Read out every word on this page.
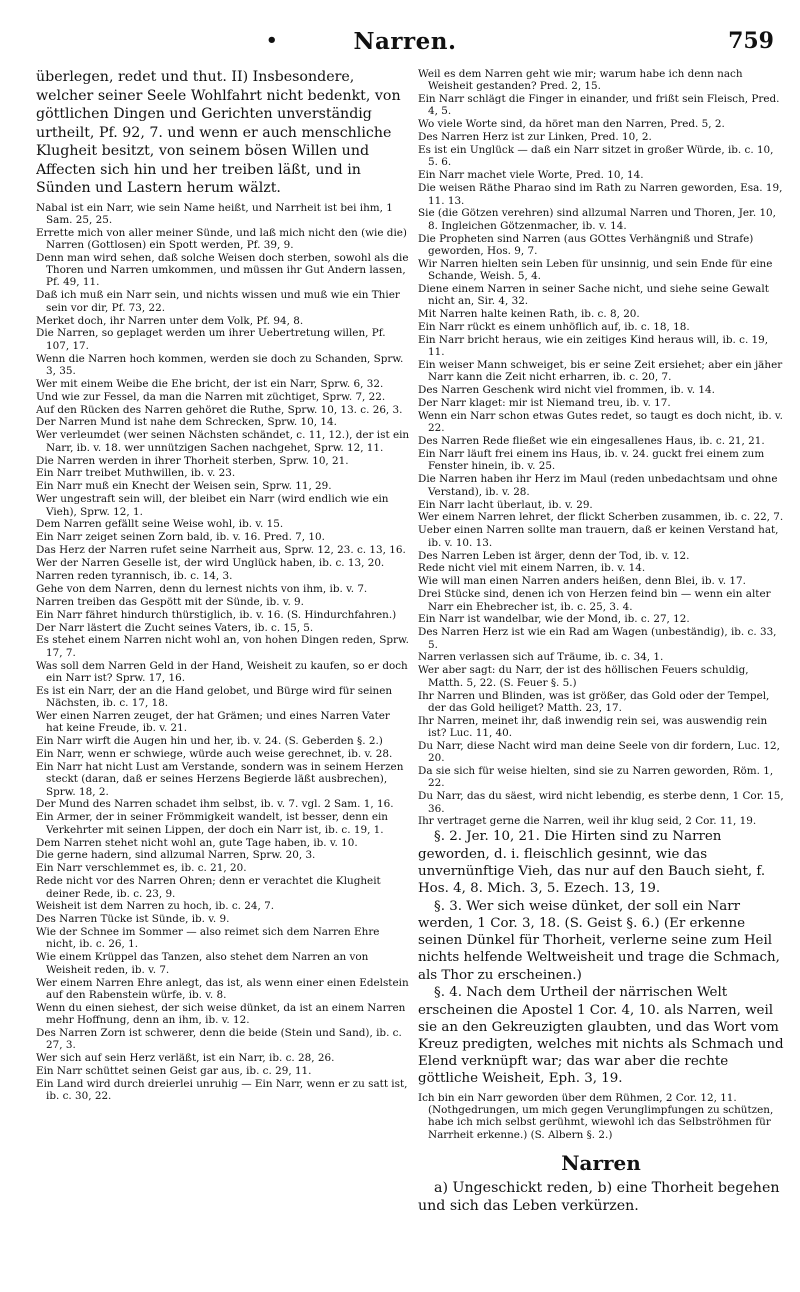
•	Narren.	759

überlegen, redet und thut. II) Insbesondere, welcher seiner Seele Wohlfahrt nicht bedenkt, von göttlichen Dingen und Gerichten unverständig urtheilt, Pf. 92, 7. und wenn er auch menschliche Klugheit besitzt, von seinem bösen Willen und Affecten sich hin und her treiben läßt, und in Sünden und Lastern herum wälzt.

Nabal ist ein Narr, wie sein Name heißt, und Narrheit ist bei ihm, 1 Sam. 25, 25.

Errette mich von aller meiner Sünde, und laß mich nicht den (wie die) Narren (Gottlosen) ein Spott werden, Pf. 39, 9.

Denn man wird sehen, daß solche Weisen doch sterben, sowohl als die Thoren und Narren umkommen, und müssen ihr Gut Andern lassen, Pf. 49, 11.

Daß ich muß ein Narr sein, und nichts wissen und muß wie ein Thier sein vor dir, Pf. 73, 22.

Merket doch, ihr Narren unter dem Volk, Pf. 94, 8.

Die Narren, so geplaget werden um ihrer Uebertretung willen, Pf. 107, 17.

Wenn die Narren hoch kommen, werden sie doch zu Schanden, Sprw. 3, 35.

Wer mit einem Weibe die Ehe bricht, der ist ein Narr, Sprw. 6, 32.

Und wie zur Fessel, da man die Narren mit züchtiget, Sprw. 7, 22.

Auf den Rücken des Narren gehöret die Ruthe, Sprw. 10, 13. c. 26, 3.

Der Narren Mund ist nahe dem Schrecken, Sprw. 10, 14.

Wer verleumdet (wer seinen Nächsten schändet, c. 11, 12.), der ist ein Narr, ib. v. 18. wer unnützigen Sachen nachgehet, Sprw. 12, 11.

Die Narren werden in ihrer Thorheit sterben, Sprw. 10, 21.

Ein Narr treibet Muthwillen, ib. v. 23.

Ein Narr muß ein Knecht der Weisen sein, Sprw. 11, 29.

Wer ungestraft sein will, der bleibet ein Narr (wird endlich wie ein Vieh), Sprw. 12, 1.

Dem Narren gefällt seine Weise wohl, ib. v. 15.

Ein Narr zeiget seinen Zorn bald, ib. v. 16. Pred. 7, 10.

Das Herz der Narren rufet seine Narrheit aus, Sprw. 12, 23. c. 13, 16.

Wer der Narren Geselle ist, der wird Unglück haben, ib. c. 13, 20.

Narren reden tyrannisch, ib. c. 14, 3.

Gehe von dem Narren, denn du lernest nichts von ihm, ib. v. 7.

Narren treiben das Gespött mit der Sünde, ib. v. 9.

Ein Narr fähret hindurch thürstiglich, ib. v. 16. (S. Hindurchfahren.)

Der Narr lästert die Zucht seines Vaters, ib. c. 15, 5.

Es stehet einem Narren nicht wohl an, von hohen Dingen reden, Sprw. 17, 7.

Was soll dem Narren Geld in der Hand, Weisheit zu kaufen, so er doch ein Narr ist? Sprw. 17, 16.

Es ist ein Narr, der an die Hand gelobet, und Bürge wird für seinen Nächsten, ib. c. 17, 18.

Wer einen Narren zeuget, der hat Grämen; und eines Narren Vater hat keine Freude, ib. v. 21.

Ein Narr wirft die Augen hin und her, ib. v. 24. (S. Geberden §. 2.)

Ein Narr, wenn er schwiege, würde auch weise gerechnet, ib. v. 28.

Ein Narr hat nicht Lust am Verstande, sondern was in seinem Herzen steckt (daran, daß er seines Herzens Begierde läßt ausbrechen), Sprw. 18, 2.

Der Mund des Narren schadet ihm selbst, ib. v. 7. vgl. 2 Sam. 1, 16.

Ein Armer, der in seiner Frömmigkeit wandelt, ist besser, denn ein Verkehrter mit seinen Lippen, der doch ein Narr ist, ib. c. 19, 1.

Dem Narren stehet nicht wohl an, gute Tage haben, ib. v. 10.

Die gerne hadern, sind allzumal Narren, Sprw. 20, 3.

Ein Narr verschlemmet es, ib. c. 21, 20.

Rede nicht vor des Narren Ohren; denn er verachtet die Klugheit deiner Rede, ib. c. 23, 9.

Weisheit ist dem Narren zu hoch, ib. c. 24, 7.

Des Narren Tücke ist Sünde, ib. v. 9.

Wie der Schnee im Sommer — also reimet sich dem Narren Ehre nicht, ib. c. 26, 1.

Wie einem Krüppel das Tanzen, also stehet dem Narren an von Weisheit reden, ib. v. 7.

Wer einem Narren Ehre anlegt, das ist, als wenn einer einen Edelstein auf den Rabenstein würfe, ib. v. 8.

Wenn du einen siehest, der sich weise dünket, da ist an einem Narren mehr Hoffnung, denn an ihm, ib. v. 12.

Des Narren Zorn ist schwerer, denn die beide (Stein und Sand), ib. c. 27, 3.

Wer sich auf sein Herz verläßt, ist ein Narr, ib. c. 28, 26.

Ein Narr schüttet seinen Geist gar aus, ib. c. 29, 11.

Ein Land wird durch dreierlei unruhig — Ein Narr, wenn er zu satt ist, ib. c. 30, 22.

Weil es dem Narren geht wie mir; warum habe ich denn nach Weisheit gestanden? Pred. 2, 15.

Ein Narr schlägt die Finger in einander, und frißt sein Fleisch, Pred. 4, 5.

Wo viele Worte sind, da höret man den Narren, Pred. 5, 2.

Des Narren Herz ist zur Linken, Pred. 10, 2.

Es ist ein Unglück — daß ein Narr sitzet in großer Würde, ib. c. 10, 5. 6.

Ein Narr machet viele Worte, Pred. 10, 14.

Die weisen Räthe Pharao sind im Rath zu Narren geworden, Esa. 19, 11. 13.

Sie (die Götzen verehren) sind allzumal Narren und Thoren, Jer. 10, 8. Ingleichen Götzenmacher, ib. v. 14.

Die Propheten sind Narren (aus GOttes Verhängniß und Strafe) geworden, Hos. 9, 7.

Wir Narren hielten sein Leben für unsinnig, und sein Ende für eine Schande, Weish. 5, 4.

Diene einem Narren in seiner Sache nicht, und siehe seine Gewalt nicht an, Sir. 4, 32.

Mit Narren halte keinen Rath, ib. c. 8, 20.

Ein Narr rückt es einem unhöflich auf, ib. c. 18, 18.

Ein Narr bricht heraus, wie ein zeitiges Kind heraus will, ib. c. 19, 11.

Ein weiser Mann schweiget, bis er seine Zeit ersiehet; aber ein jäher Narr kann die Zeit nicht erharren, ib. c. 20, 7.

Des Narren Geschenk wird nicht viel frommen, ib. v. 14.

Der Narr klaget: mir ist Niemand treu, ib. v. 17.

Wenn ein Narr schon etwas Gutes redet, so taugt es doch nicht, ib. v. 22.

Des Narren Rede fließet wie ein eingesallenes Haus, ib. c. 21, 21.

Ein Narr läuft frei einem ins Haus, ib. v. 24. guckt frei einem zum Fenster hinein, ib. v. 25.

Die Narren haben ihr Herz im Maul (reden unbedachtsam und ohne Verstand), ib. v. 28.

Ein Narr lacht überlaut, ib. v. 29.

Wer einem Narren lehret, der flickt Scherben zusammen, ib. c. 22, 7.

Ueber einen Narren sollte man trauern, daß er keinen Verstand hat, ib. v. 10. 13.

Des Narren Leben ist ärger, denn der Tod, ib. v. 12.

Rede nicht viel mit einem Narren, ib. v. 14.

Wie will man einen Narren anders heißen, denn Blei, ib. v. 17.

Drei Stücke sind, denen ich von Herzen feind bin — wenn ein alter Narr ein Ehebrecher ist, ib. c. 25, 3. 4.

Ein Narr ist wandelbar, wie der Mond, ib. c. 27, 12.

Des Narren Herz ist wie ein Rad am Wagen (unbeständig), ib. c. 33, 5.

Narren verlassen sich auf Träume, ib. c. 34, 1.

Wer aber sagt: du Narr, der ist des höllischen Feuers schuldig, Matth. 5, 22. (S. Feuer §. 5.)

Ihr Narren und Blinden, was ist größer, das Gold oder der Tempel, der das Gold heiliget? Matth. 23, 17.

Ihr Narren, meinet ihr, daß inwendig rein sei, was auswendig rein ist? Luc. 11, 40.

Du Narr, diese Nacht wird man deine Seele von dir fordern, Luc. 12, 20.

Da sie sich für weise hielten, sind sie zu Narren geworden, Röm. 1, 22.

Du Narr, das du säest, wird nicht lebendig, es sterbe denn, 1 Cor. 15, 36.

Ihr vertraget gerne die Narren, weil ihr klug seid, 2 Cor. 11, 19.

§. 2. Jer. 10, 21. Die Hirten sind zu Narren geworden, d. i. fleischlich gesinnt, wie das unvernünftige Vieh, das nur auf den Bauch sieht, f. Hos. 4, 8. Mich. 3, 5. Ezech. 13, 19.

§. 3. Wer sich weise dünket, der soll ein Narr werden, 1 Cor. 3, 18. (S. Geist §. 6.) (Er erkenne seinen Dünkel für Thorheit, verlerne seine zum Heil nichts helfende Weltweisheit und trage die Schmach, als Thor zu erscheinen.)

§. 4. Nach dem Urtheil der närrischen Welt erscheinen die Apostel 1 Cor. 4, 10. als Narren, weil sie an den Gekreuzigten glaubten, und das Wort vom Kreuz predigten, welches mit nichts als Schmach und Elend verknüpft war; das war aber die rechte göttliche Weisheit, Eph. 3, 19.

Ich bin ein Narr geworden über dem Rühmen, 2 Cor. 12, 11. (Nothgedrungen, um mich gegen Verunglimpfungen zu schützen, habe ich mich selbst gerühmt, wiewohl ich das Selbströhmen für Narrheit erkenne.) (S. Albern §. 2.)

Narren

a) Ungeschickt reden, b) eine Thorheit begehen und sich das Leben verkürzen.
